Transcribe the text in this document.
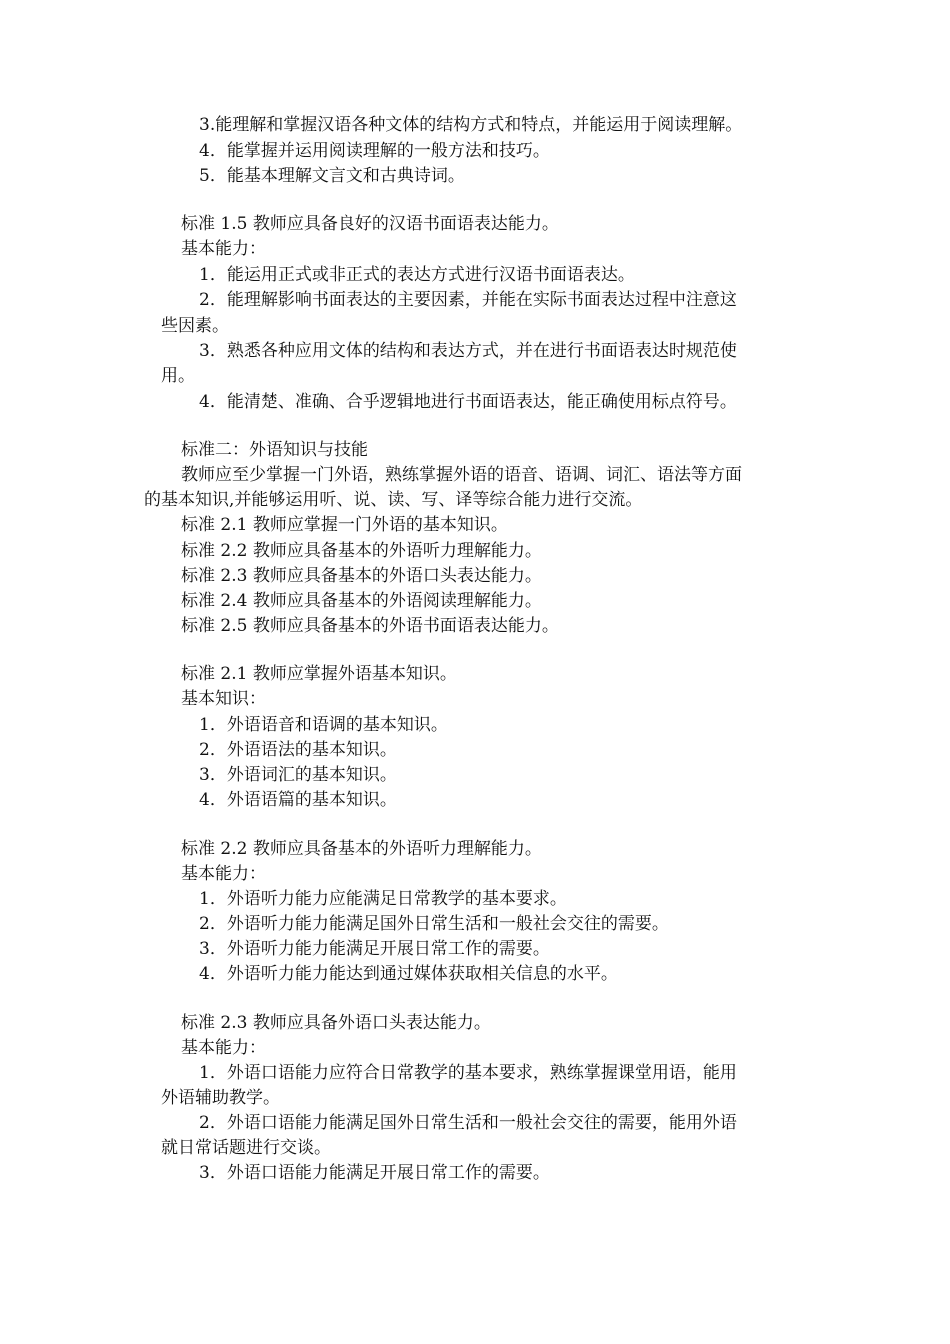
3.能理解和掌握汉语各种文体的结构方式和特点，并能运用于阅读理解。
4．能掌握并运用阅读理解的一般方法和技巧。
5．能基本理解文言文和古典诗词。
标准 1.5 教师应具备良好的汉语书面语表达能力。
基本能力：
1．能运用正式或非正式的表达方式进行汉语书面语表达。
2．能理解影响书面表达的主要因素，并能在实际书面表达过程中注意这
些因素。
3．熟悉各种应用文体的结构和表达方式，并在进行书面语表达时规范使
用。
4．能清楚、准确、合乎逻辑地进行书面语表达，能正确使用标点符号。
标准二：外语知识与技能
教师应至少掌握一门外语，熟练掌握外语的语音、语调、词汇、语法等方面
的基本知识,并能够运用听、说、读、写、译等综合能力进行交流。
标准 2.1 教师应掌握一门外语的基本知识。
标准 2.2 教师应具备基本的外语听力理解能力。
标准 2.3 教师应具备基本的外语口头表达能力。
标准 2.4 教师应具备基本的外语阅读理解能力。
标准 2.5 教师应具备基本的外语书面语表达能力。
标准 2.1 教师应掌握外语基本知识。
基本知识：
1．外语语音和语调的基本知识。
2．外语语法的基本知识。
3．外语词汇的基本知识。
4．外语语篇的基本知识。
标准 2.2 教师应具备基本的外语听力理解能力。
基本能力：
1．外语听力能力应能满足日常教学的基本要求。
2．外语听力能力能满足国外日常生活和一般社会交往的需要。
3．外语听力能力能满足开展日常工作的需要。
4．外语听力能力能达到通过媒体获取相关信息的水平。
标准 2.3 教师应具备外语口头表达能力。
基本能力：
1．外语口语能力应符合日常教学的基本要求，熟练掌握课堂用语，能用
外语辅助教学。
2．外语口语能力能满足国外日常生活和一般社会交往的需要，能用外语
就日常话题进行交谈。
3．外语口语能力能满足开展日常工作的需要。
